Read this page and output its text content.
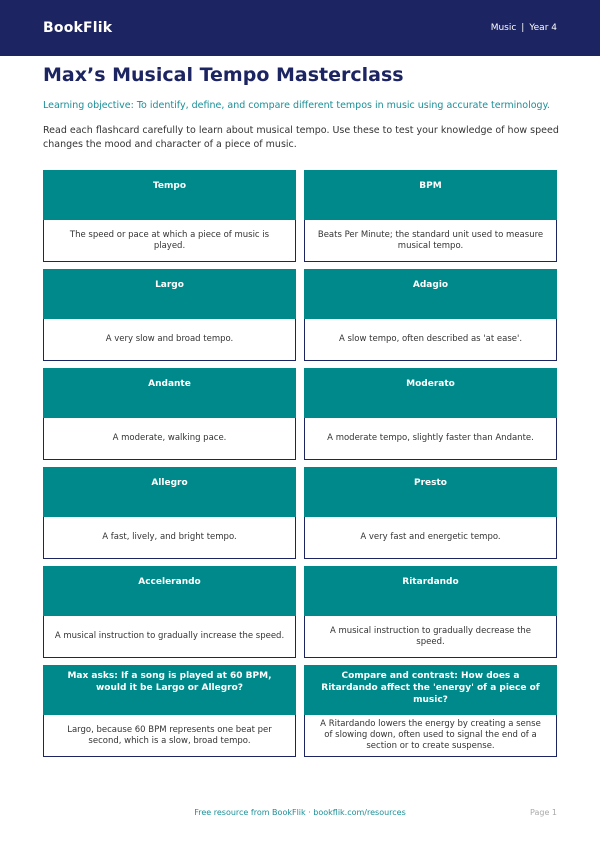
BookFlik	Music | Year 4
Max’s Musical Tempo Masterclass
Learning objective: To identify, define, and compare different tempos in music using accurate terminology.
Read each flashcard carefully to learn about musical tempo. Use these to test your knowledge of how speed changes the mood and character of a piece of music.
Tempo
The speed or pace at which a piece of music is played.
BPM
Beats Per Minute; the standard unit used to measure musical tempo.
Largo
A very slow and broad tempo.
Adagio
A slow tempo, often described as 'at ease'.
Andante
A moderate, walking pace.
Moderato
A moderate tempo, slightly faster than Andante.
Allegro
A fast, lively, and bright tempo.
Presto
A very fast and energetic tempo.
Accelerando
A musical instruction to gradually increase the speed.
Ritardando
A musical instruction to gradually decrease the speed.
Max asks: If a song is played at 60 BPM, would it be Largo or Allegro?
Largo, because 60 BPM represents one beat per second, which is a slow, broad tempo.
Compare and contrast: How does a Ritardando affect the 'energy' of a piece of music?
A Ritardando lowers the energy by creating a sense of slowing down, often used to signal the end of a section or to create suspense.
Free resource from BookFlik · bookflik.com/resources	Page 1
